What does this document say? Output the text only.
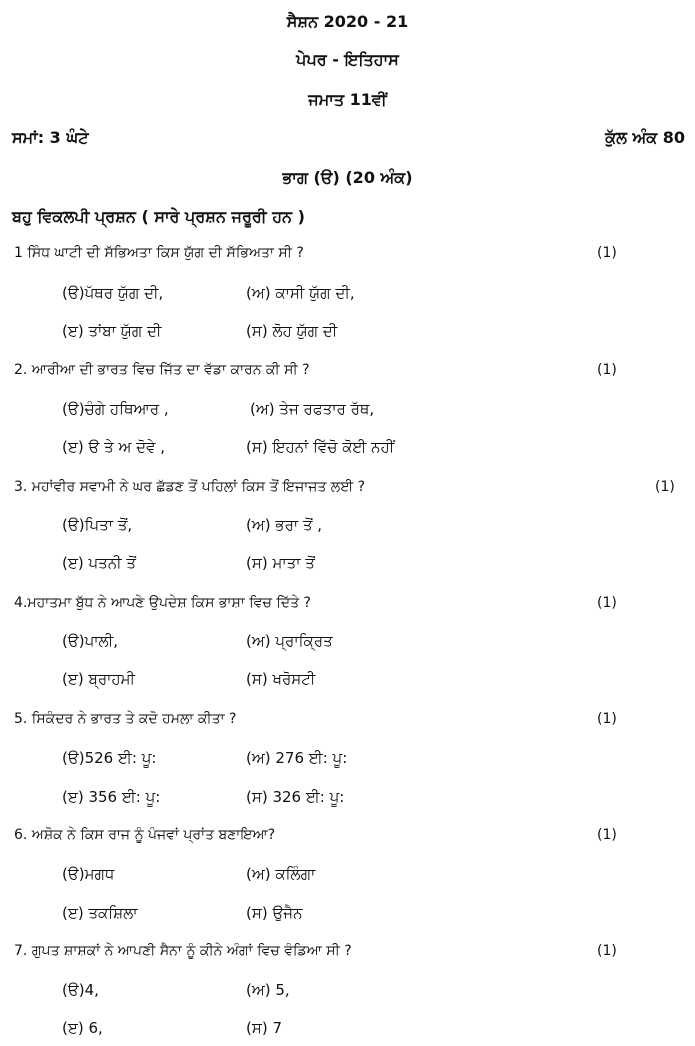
ਸੈਸ਼ਨ 2020 - 21
ਪੇਪਰ - ਇਤਿਹਾਸ
ਜਮਾਤ 11ਵੀਂ
ਸਮਾਂ: 3 ਘੰਟੇ	ਕੁੱਲ ਅੰਕ 80
ਭਾਗ (ੳ) (20 ਅੰਕ)
ਬਹੁ ਵਿਕਲਪੀ ਪ੍ਰਸ਼ਨ ( ਸਾਰੇ ਪ੍ਰਸ਼ਨ ਜਰੂਰੀ ਹਨ )
1 ਸਿੰਧ ਘਾਟੀ ਦੀ ਸੱਭਿਅਤਾ ਕਿਸ ਯੁੱਗ ਦੀ ਸੱਭਿਅਤਾ ਸੀ ?	(1)
(ੳ)ਪੱਥਰ ਯੁੱਗ ਦੀ,	(ਅ) ਕਾਸੀ ਯੁੱਗ ਦੀ,
(ੲ) ਤਾਂਬਾ ਯੁੱਗ ਦੀ	(ਸ) ਲੋਹ ਯੁੱਗ ਦੀ
2. ਆਰੀਆ ਦੀ ਭਾਰਤ ਵਿਚ ਜਿੱਤ ਦਾ ਵੱਡਾ ਕਾਰਨ ਕੀ ਸੀ ?	(1)
(ੳ)ਚੰਗੇ ਹਥਿਆਰ ,	(ਅ) ਤੇਜ ਰਫਤਾਰ ਰੱਥ,
(ੲ) ੳ ਤੇ ਅ ਦੋਵੇ ,	(ਸ) ਇਹਨਾਂ ਵਿੱਚੋ ਕੋਈ ਨਹੀਂ
3. ਮਹਾਂਵੀਰ ਸਵਾਮੀ ਨੇ ਘਰ ਛੱਡਣ ਤੋਂ ਪਹਿਲਾਂ ਕਿਸ ਤੋਂ ਇਜਾਜਤ ਲਈ ?	(1)
(ੳ)ਪਿਤਾ ਤੋਂ,	(ਅ) ਭਰਾ ਤੋਂ ,
(ੲ) ਪਤਨੀ ਤੋਂ	(ਸ) ਮਾਤਾ ਤੋਂ
4.ਮਹਾਤਮਾ ਬੁੱਧ ਨੇ ਆਪਣੇ ਉਪਦੇਸ਼ ਕਿਸ ਭਾਸ਼ਾ ਵਿਚ ਦਿੱਤੇ ?	(1)
(ੳ)ਪਾਲੀ,	(ਅ) ਪ੍ਰਾਕ੍ਰਿਤ
(ੲ) ਬ੍ਰਾਹਮੀ	(ਸ) ਖਰੋਸਟੀ
5. ਸਿਕੰਦਰ ਨੇ ਭਾਰਤ ਤੇ ਕਦੋ ਹਮਲਾ ਕੀਤਾ ?	(1)
(ੳ)526 ਈ: ਪੂ:	(ਅ) 276 ਈ: ਪੂ:
(ੲ) 356 ਈ: ਪੂ:	(ਸ) 326 ਈ: ਪੂ:
6. ਅਸ਼ੋਕ ਨੇ ਕਿਸ ਰਾਜ ਨੂੰ ਪੰਜਵਾਂ ਪ੍ਰਾਂਤ ਬਣਾਇਆ?	(1)
(ੳ)ਮਗਧ	(ਅ) ਕਲਿੰਗਾ
(ੲ) ਤਕਸ਼ਿਲਾ	(ਸ) ਉਜੈਨ
7. ਗੁਪਤ ਸ਼ਾਸ਼ਕਾਂ ਨੇ ਆਪਣੀ ਸੈਨਾ ਨੂੰ ਕੀਨੇ ਅੰਗਾਂ ਵਿਚ ਵੰਡਿਆ ਸੀ ?	(1)
(ੳ)4,	(ਅ) 5,
(ੲ) 6,	(ਸ) 7
